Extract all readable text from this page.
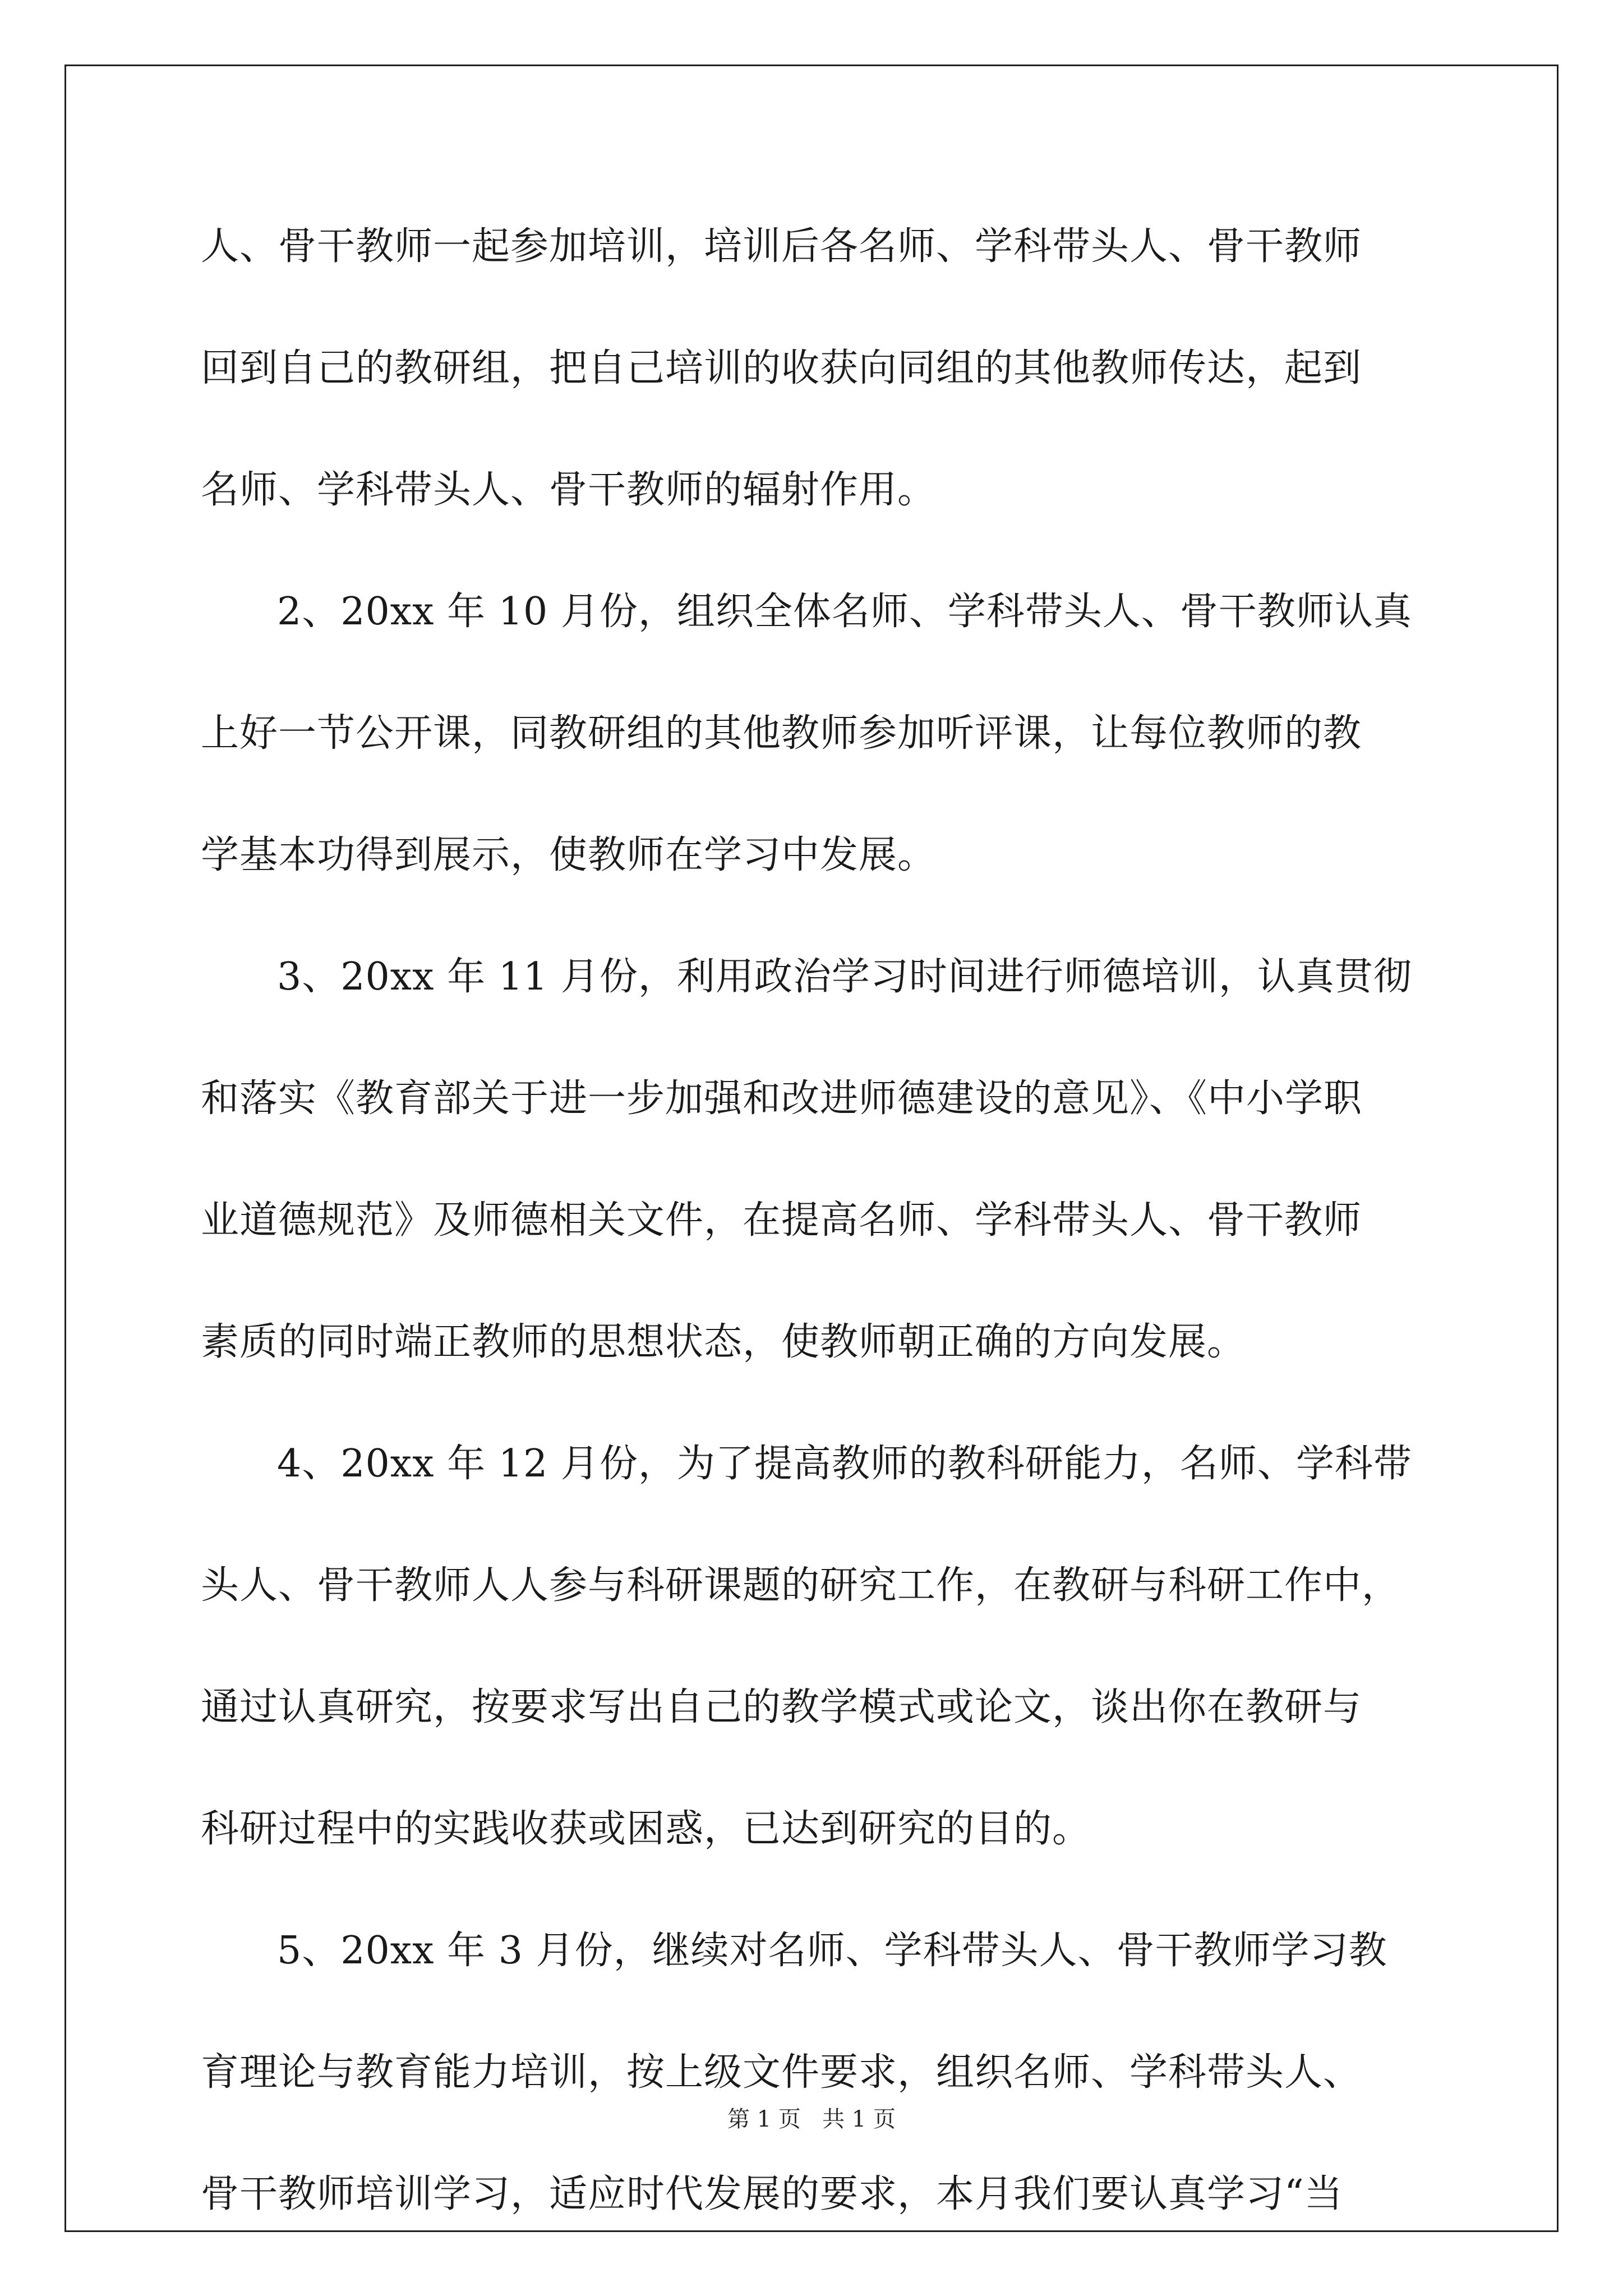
人、骨干教师一起参加培训，培训后各名师、学科带头人、骨干教师
回到自己的教研组，把自己培训的收获向同组的其他教师传达，起到
名师、学科带头人、骨干教师的辐射作用。
2、20xx 年 10 月份，组织全体名师、学科带头人、骨干教师认真
上好一节公开课，同教研组的其他教师参加听评课，让每位教师的教
学基本功得到展示，使教师在学习中发展。
3、20xx 年 11 月份，利用政治学习时间进行师德培训，认真贯彻
和落实《教育部关于进一步加强和改进师德建设的意见》、《中小学职
业道德规范》及师德相关文件，在提高名师、学科带头人、骨干教师
素质的同时端正教师的思想状态，使教师朝正确的方向发展。
4、20xx 年 12 月份，为了提高教师的教科研能力，名师、学科带
头人、骨干教师人人参与科研课题的研究工作，在教研与科研工作中，
通过认真研究，按要求写出自己的教学模式或论文，谈出你在教研与
科研过程中的实践收获或困惑，已达到研究的目的。
5、20xx 年 3 月份，继续对名师、学科带头人、骨干教师学习教
育理论与教育能力培训，按上级文件要求，组织名师、学科带头人、
骨干教师培训学习，适应时代发展的要求，本月我们要认真学习“当
第 1 页   共 1 页
